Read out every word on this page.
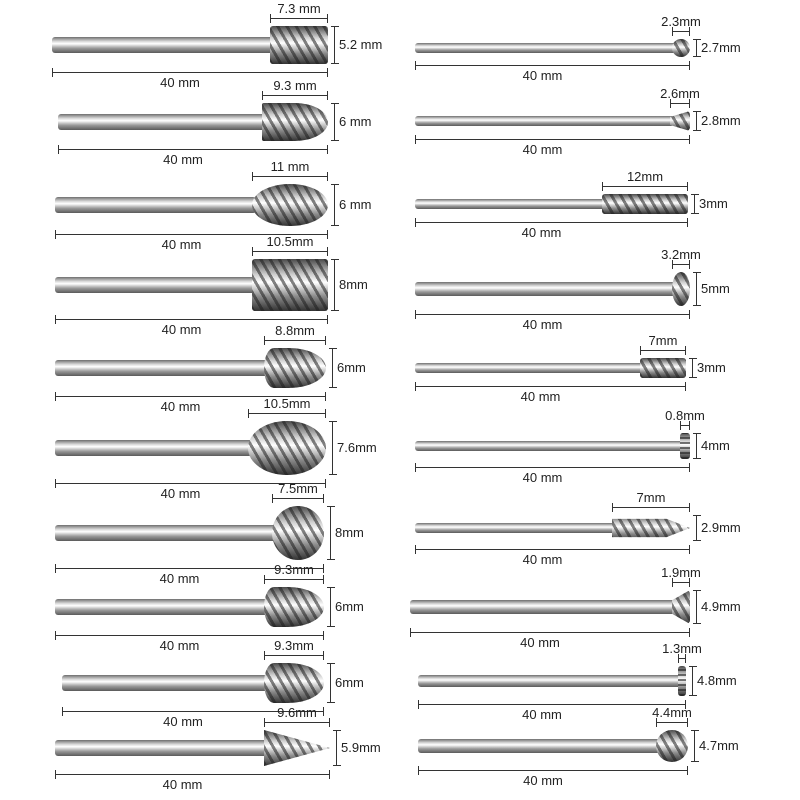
7.3 mm
5.2 mm
40 mm	9.3 mm
6 mm
40 mm	11 mm
6 mm
40 mm	10.5mm
8mm
40 mm	8.8mm
6mm
40 mm	10.5mm
7.6mm
40 mm	7.5mm
8mm
40 mm
9.3mm
6mm
40 mm	9.3mm
6mm
40 mm
9.6mm
5.9mm
40 mm
2.3mm
2.7mm
40 mm
2.6mm
2.8mm
40 mm
12mm
3mm
40 mm
3.2mm
5mm
40 mm
7mm
3mm
40 mm
0.8mm
4mm
40 mm
7mm
2.9mm
40 mm
1.9mm
4.9mm
40 mm	1.3mm
4.8mm
40 mm	4.4mm
4.7mm
40 mm
